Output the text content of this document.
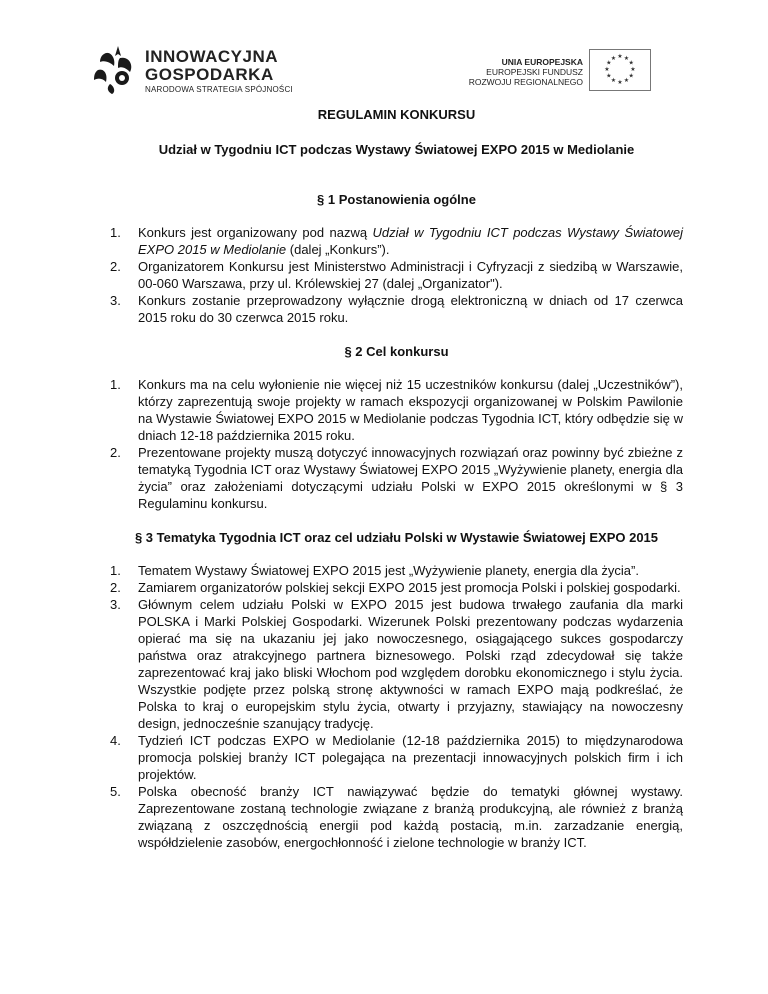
INNOWACYJNA
GOSPODARKA
NARODOWA STRATEGIA SPÓJNOŚCI
UNIA EUROPEJSKA
EUROPEJSKI FUNDUSZ
ROZWOJU REGIONALNEGO
★ ★
★
★
★
★
★
★
★
★
★
★
REGULAMIN KONKURSU
Udział w Tygodniu ICT podczas Wystawy Światowej EXPO 2015 w Mediolanie
§ 1 Postanowienia ogólne
1. Konkurs jest organizowany pod nazwą Udział w Tygodniu ICT podczas Wystawy Światowej EXPO 2015 w Mediolanie (dalej „Konkurs”).
2. Organizatorem Konkursu jest Ministerstwo Administracji i Cyfryzacji z siedzibą w Warszawie, 00-060 Warszawa, przy ul. Królewskiej 27 (dalej „Organizator").
3. Konkurs zostanie przeprowadzony wyłącznie drogą elektroniczną w dniach od 17 czerwca 2015 roku do 30 czerwca 2015 roku.
§ 2 Cel konkursu
1. Konkurs ma na celu wyłonienie nie więcej niż 15 uczestników konkursu (dalej „Uczestników”), którzy zaprezentują swoje projekty w ramach ekspozycji organizowanej w Polskim Pawilonie na Wystawie Światowej EXPO 2015 w Mediolanie podczas Tygodnia ICT, który odbędzie się w dniach 12-18 października 2015 roku.
2. Prezentowane projekty muszą dotyczyć innowacyjnych rozwiązań oraz powinny być zbieżne z tematyką Tygodnia ICT oraz Wystawy Światowej EXPO 2015 „Wyżywienie planety, energia dla życia” oraz założeniami dotyczącymi udziału Polski w EXPO 2015 określonymi w § 3 Regulaminu konkursu.
§ 3 Tematyka Tygodnia ICT oraz cel udziału Polski w Wystawie Światowej EXPO 2015
1. Tematem Wystawy Światowej EXPO 2015 jest „Wyżywienie planety, energia dla życia”.
2. Zamiarem organizatorów polskiej sekcji EXPO 2015 jest promocja Polski i polskiej gospodarki.
3. Głównym celem udziału Polski w EXPO 2015 jest budowa trwałego zaufania dla marki POLSKA i Marki Polskiej Gospodarki. Wizerunek Polski prezentowany podczas wydarzenia opierać ma się na ukazaniu jej jako nowoczesnego, osiągającego sukces gospodarczy państwa oraz atrakcyjnego partnera biznesowego. Polski rząd zdecydował się także zaprezentować kraj jako bliski Włochom pod względem dorobku ekonomicznego i stylu życia. Wszystkie podjęte przez polską stronę aktywności w ramach EXPO mają podkreślać, że Polska to kraj o europejskim stylu życia, otwarty i przyjazny, stawiający na nowoczesny design, jednocześnie szanujący tradycję.
4. Tydzień ICT podczas EXPO w Mediolanie (12-18 października 2015) to międzynarodowa promocja polskiej branży ICT polegająca na prezentacji innowacyjnych polskich firm i ich projektów.
5. Polska obecność branży ICT nawiązywać będzie do tematyki głównej wystawy. Zaprezentowane zostaną technologie związane z branżą produkcyjną, ale również z branżą związaną z oszczędnością energii pod każdą postacią, m.in. zarzadzanie energią, współdzielenie zasobów, energochłonność i zielone technologie w branży ICT.
